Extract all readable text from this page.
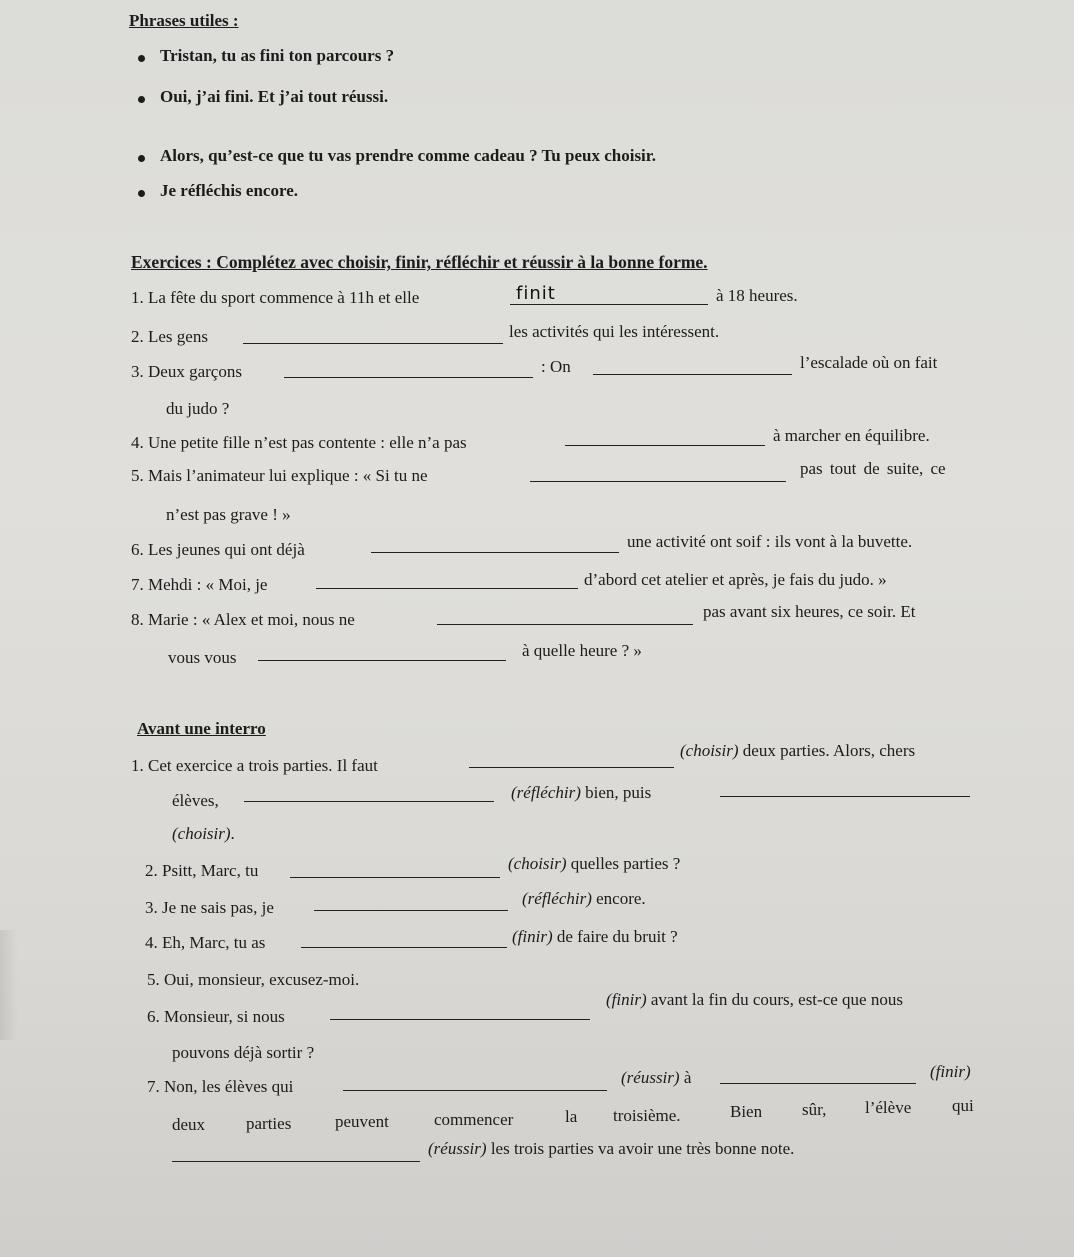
Phrases utiles :
Tristan, tu as fini ton parcours ?
Oui, j’ai fini. Et j’ai tout réussi.
Alors, qu’est-ce que tu vas prendre comme cadeau ? Tu peux choisir.
Je réfléchis encore.
Exercices : Complétez avec choisir, finir, réfléchir et réussir à la bonne forme.
1. La fête du sport commence à 11h et elle	finit	à 18 heures.
2. Les gens	les activités qui les intéressent.
3. Deux garçons	: On	l’escalade où on fait
du judo ?
4. Une petite fille n’est pas contente : elle n’a pas	à marcher en équilibre.
5. Mais l’animateur lui explique : « Si tu ne	pas tout de suite, ce
n’est pas grave ! »
6. Les jeunes qui ont déjà	une activité ont soif : ils vont à la buvette.
7. Mehdi : « Moi, je	d’abord cet atelier et après, je fais du judo. »
8. Marie : « Alex et moi, nous ne	pas avant six heures, ce soir. Et
vous vous	à quelle heure ? »
Avant une interro
1. Cet exercice a trois parties. Il faut
(choisir) deux parties. Alors, chers
élèves,	(réfléchir) bien, puis
(choisir).
2. Psitt, Marc, tu	(choisir) quelles parties ?
3. Je ne sais pas, je	(réfléchir) encore.
4. Eh, Marc, tu as	(finir) de faire du bruit ?
5. Oui, monsieur, excusez-moi.
6. Monsieur, si nous
(finir) avant la fin du cours, est-ce que nous
pouvons déjà sortir ?
7. Non, les élèves qui	(réussir) à	(finir)
deux parties	peuvent	commencer	la troisième.	Bien sûr, l’élève qui
(réussir) les trois parties va avoir une très bonne note.
